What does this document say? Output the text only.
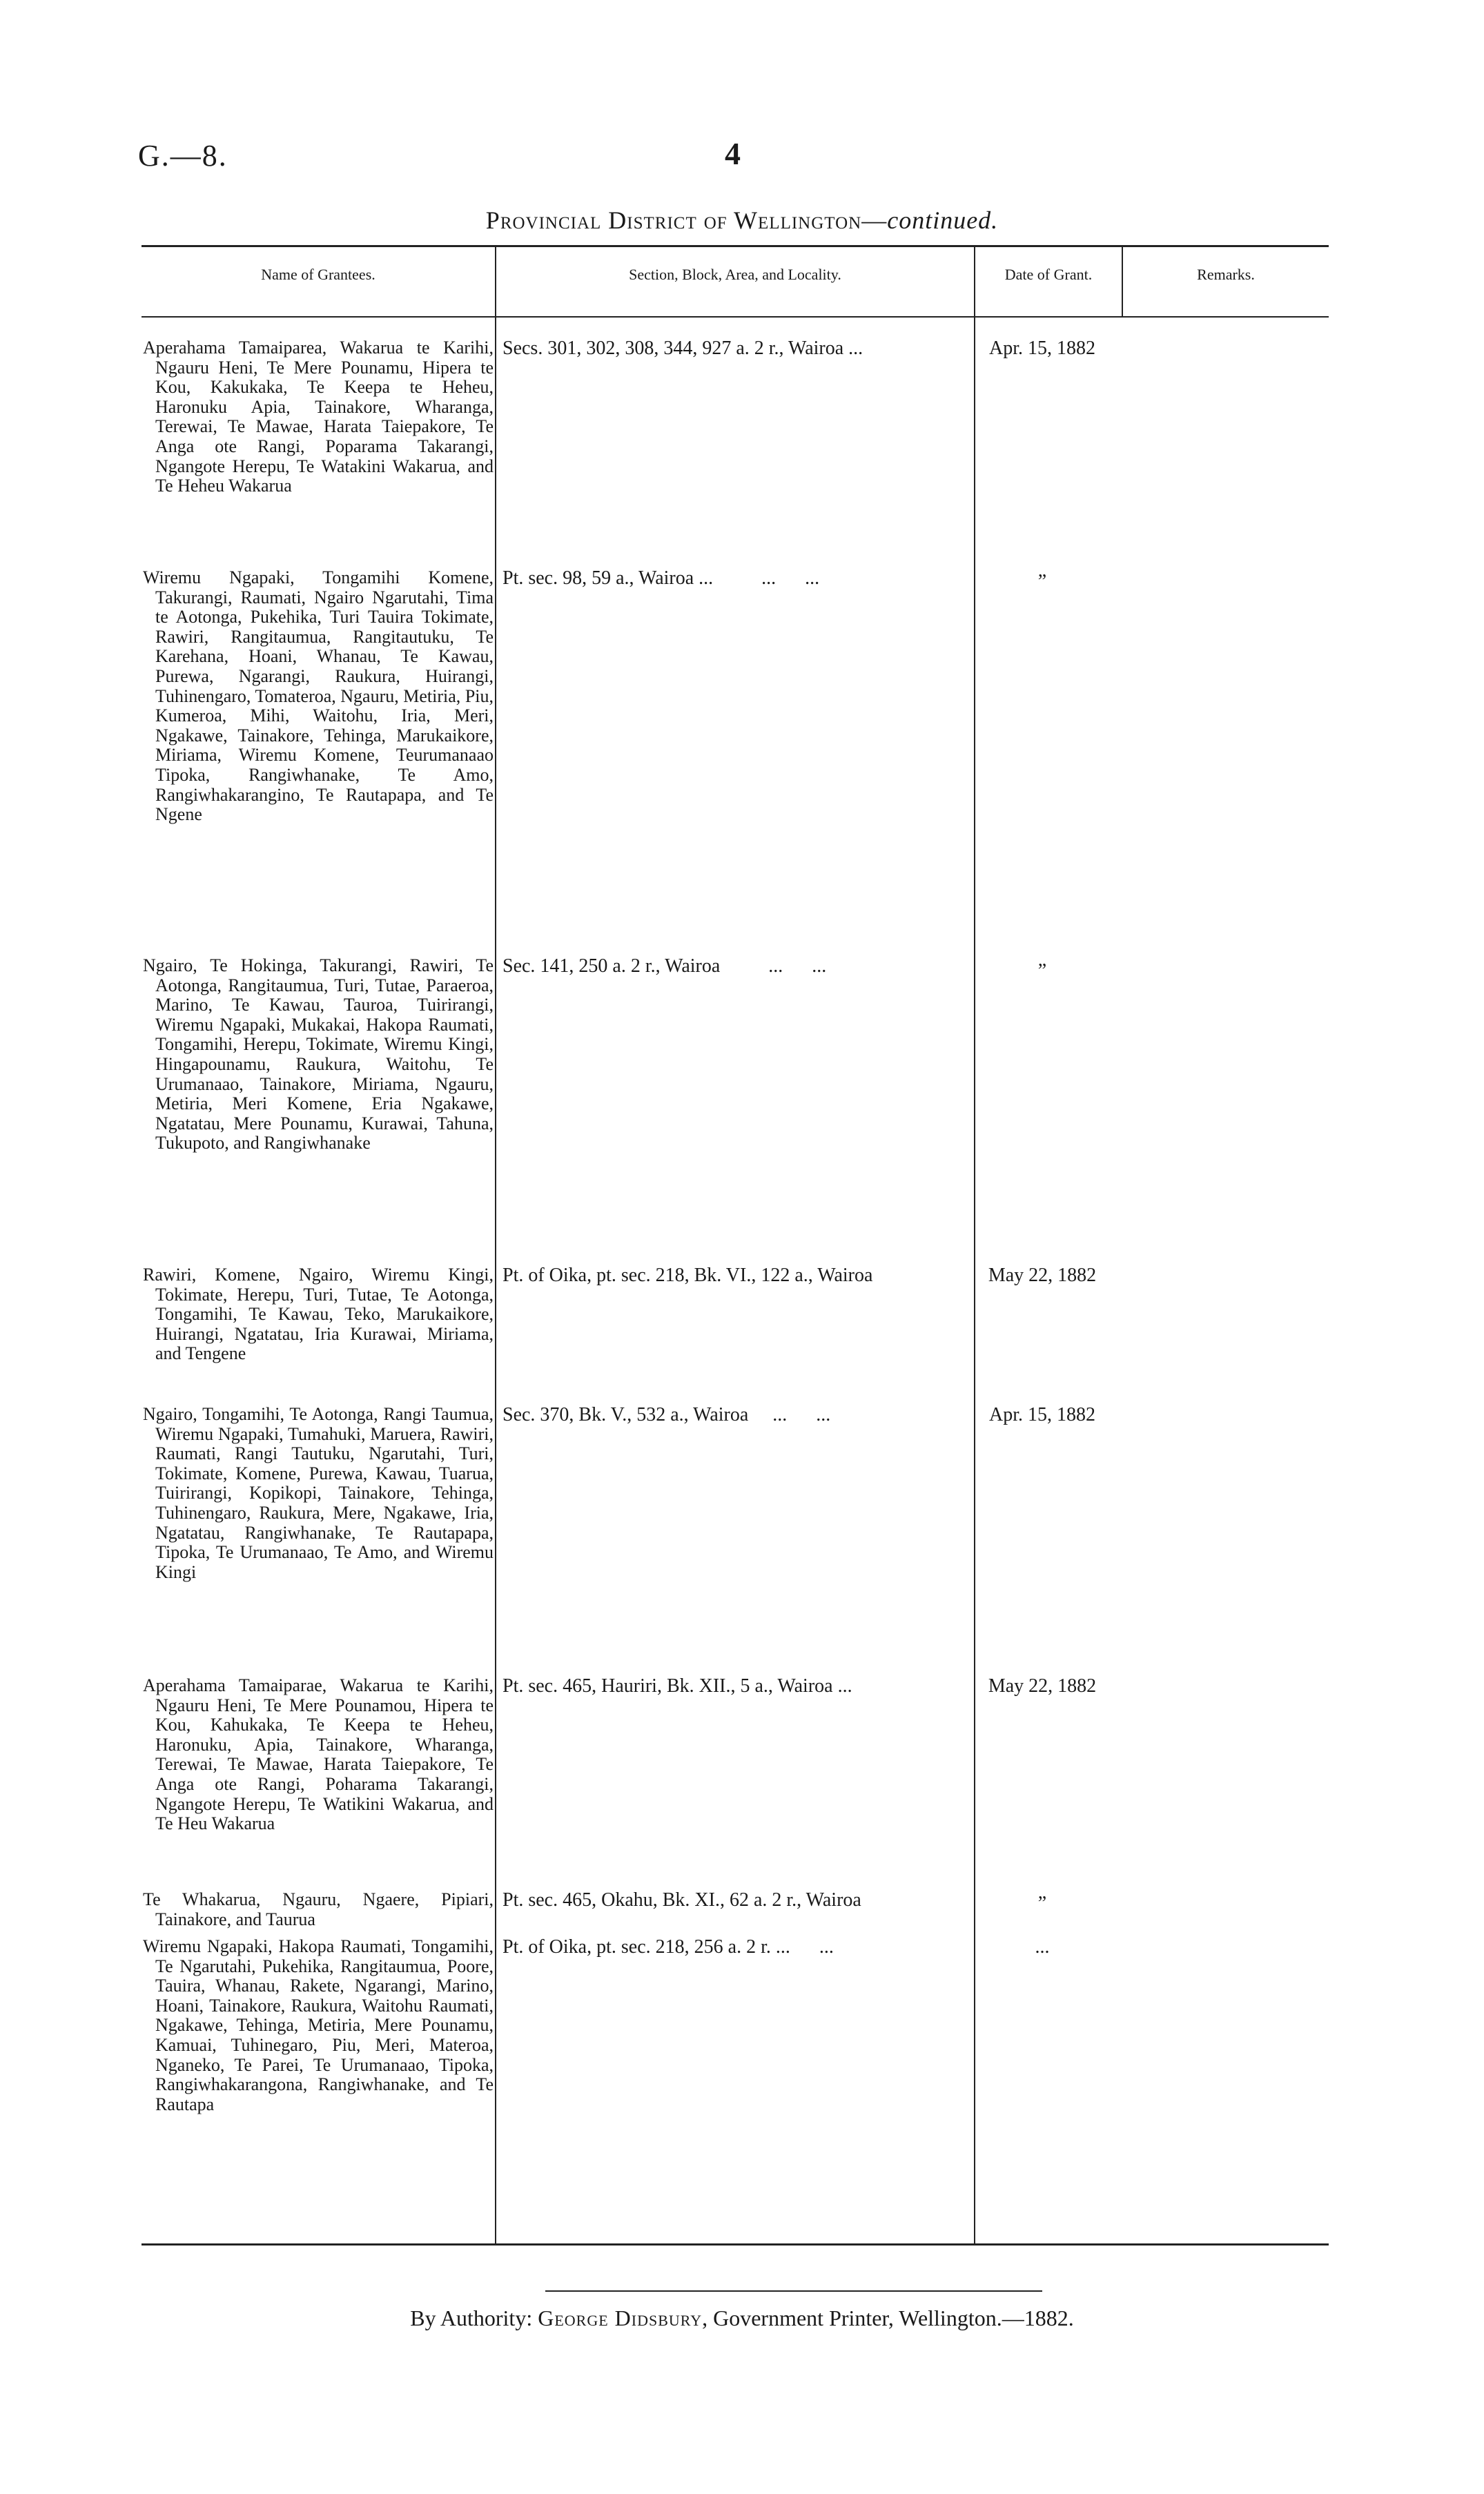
G.—8.	4
Provincial District of Wellington—continued.
Name of Grantees.	Section, Block, Area, and Locality.	Date of Grant.	Remarks.
Aperahama Tamaiparea, Wakarua te Karihi, Ngauru Heni, Te Mere Pounamu, Hipera te Kou, Kakukaka, Te Keepa te Heheu, Haronuku Apia, Tainakore, Wharanga, Terewai, Te Mawae, Harata Taiepakore, Te Anga ote Rangi, Poparama Takarangi, Ngangote Herepu, Te Watakini Wakarua, and Te Heheu Wakarua
Secs. 301, 302, 308, 344, 927 a. 2 r., Wairoa ...	Apr. 15, 1882
Wiremu Ngapaki, Tongamihi Komene, Takurangi, Raumati, Ngairo Ngarutahi, Tima te Aotonga, Pukehika, Turi Tauira Tokimate, Rawiri, Rangitaumua, Rangitautuku, Te Karehana, Hoani, Whanau, Te Kawau, Purewa, Ngarangi, Raukura, Huirangi, Tuhinengaro, Tomateroa, Ngauru, Metiria, Piu, Kumeroa, Mihi, Waitohu, Iria, Meri, Ngakawe, Tainakore, Tehinga, Marukaikore, Miriama, Wiremu Komene, Teurumanaao Tipoka, Rangiwhanake, Te Amo, Rangiwhakarangino, Te Rautapapa, and Te Ngene
Pt. sec. 98, 59 a., Wairoa ...          ...      ...	”
Ngairo, Te Hokinga, Takurangi, Rawiri, Te Aotonga, Rangitaumua, Turi, Tutae, Paraeroa, Marino, Te Kawau, Tauroa, Tuirirangi, Wiremu Ngapaki, Mukakai, Hakopa Raumati, Tongamihi, Herepu, Tokimate, Wiremu Kingi, Hingapounamu, Raukura, Waitohu, Te Urumanaao, Tainakore, Miriama, Ngauru, Metiria, Meri Komene, Eria Ngakawe, Ngatatau, Mere Pounamu, Kurawai, Tahuna, Tukupoto, and Rangiwhanake
Sec. 141, 250 a. 2 r., Wairoa          ...      ...	”
Rawiri, Komene, Ngairo, Wiremu Kingi, Tokimate, Herepu, Turi, Tutae, Te Aotonga, Tongamihi, Te Kawau, Teko, Marukaikore, Huirangi, Ngatatau, Iria Kurawai, Miriama, and Tengene
Pt. of Oika, pt. sec. 218, Bk. VI., 122 a., Wairoa	May 22, 1882
Ngairo, Tongamihi, Te Aotonga, Rangi Taumua, Wiremu Ngapaki, Tumahuki, Maruera, Rawiri, Raumati, Rangi Tautuku, Ngarutahi, Turi, Tokimate, Komene, Purewa, Kawau, Tuarua, Tuirirangi, Kopikopi, Tainakore, Tehinga, Tuhinengaro, Raukura, Mere, Ngakawe, Iria, Ngatatau, Rangiwhanake, Te Rautapapa, Tipoka, Te Urumanaao, Te Amo, and Wiremu Kingi
Sec. 370, Bk. V., 532 a., Wairoa     ...      ...	Apr. 15, 1882
Aperahama Tamaiparae, Wakarua te Karihi, Ngauru Heni, Te Mere Pounamou, Hipera te Kou, Kahukaka, Te Keepa te Heheu, Haronuku, Apia, Tainakore, Wharanga, Terewai, Te Mawae, Harata Taiepakore, Te Anga ote Rangi, Poharama Takarangi, Ngangote Herepu, Te Watikini Wakarua, and Te Heu Wakarua
Pt. sec. 465, Hauriri, Bk. XII., 5 a., Wairoa ...	May 22, 1882
Te Whakarua, Ngauru, Ngaere, Pipiari, Tainakore, and Taurua
Pt. sec. 465, Okahu, Bk. XI., 62 a. 2 r., Wairoa	”
Wiremu Ngapaki, Hakopa Raumati, Tongamihi, Te Ngarutahi, Pukehika, Rangitaumua, Poore, Tauira, Whanau, Rakete, Ngarangi, Marino, Hoani, Tainakore, Raukura, Waitohu Raumati, Ngakawe, Tehinga, Metiria, Mere Pounamu, Kamuai, Tuhinegaro, Piu, Meri, Materoa, Nganeko, Te Parei, Te Urumanaao, Tipoka, Rangiwhakarangona, Rangiwhanake, and Te Rautapa
Pt. of Oika, pt. sec. 218, 256 a. 2 r. ...      ...	...
By Authority: George Didsbury, Government Printer, Wellington.—1882.
